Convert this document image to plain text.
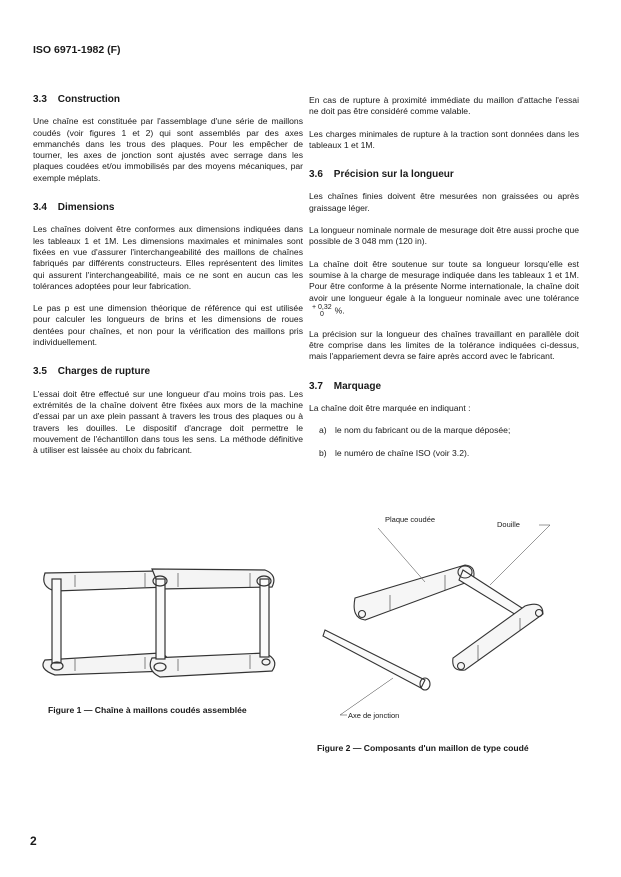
ISO 6971-1982 (F)
3.3 Construction

Une chaîne est constituée par l'assemblage d'une série de maillons coudés (voir figures 1 et 2) qui sont assemblés par des axes emmanchés dans les trous des plaques. Pour les empêcher de tourner, les axes de jonction sont ajustés avec serrage dans les plaques coudées et/ou immobilisés par des moyens mécaniques, par exemple méplats.

3.4 Dimensions

Les chaînes doivent être conformes aux dimensions indiquées dans les tableaux 1 et 1M. Les dimensions maximales et minimales sont fixées en vue d'assurer l'interchangeabilité des maillons de chaînes fabriqués par différents constructeurs. Elles représentent des limites qui assurent l'interchangeabilité, mais ce ne sont en aucun cas les tolérances adoptées pour leur fabrication.

Le pas p est une dimension théorique de référence qui est utilisée pour calculer les longueurs de brins et les dimensions de roues dentées pour chaînes, et non pour la vérification des maillons pris individuellement.

3.5 Charges de rupture

L'essai doit être effectué sur une longueur d'au moins trois pas. Les extrémités de la chaîne doivent être fixées aux mors de la machine d'essai par un axe plein passant à travers les trous des plaques ou à travers les douilles. Le dispositif d'ancrage doit permettre le mouvement de l'échantillon dans tous les sens. La méthode définitive à utiliser est laissée au choix du fabricant.

En cas de rupture à proximité immédiate du maillon d'attache l'essai ne doit pas être considéré comme valable.

Les charges minimales de rupture à la traction sont données dans les tableaux 1 et 1M.

3.6 Précision sur la longueur

Les chaînes finies doivent être mesurées non graissées ou après graissage léger.

La longueur nominale normale de mesurage doit être aussi proche que possible de 3 048 mm (120 in).

La chaîne doit être soutenue sur toute sa longueur lorsqu'elle est soumise à la charge de mesurage indiquée dans les tableaux 1 et 1M. Pour être conforme à la présente Norme internationale, la chaîne doit avoir une longueur égale à la longueur nominale avec une tolérance
+ 0,32
0	%.

La précision sur la longueur des chaînes travaillant en parallèle doit être comprise dans les limites de la tolérance indiquées ci-dessus, mais l'appariement devra se faire après accord avec le fabricant.

3.7 Marquage

La chaîne doit être marquée en indiquant :

a) le nom du fabricant ou de la marque déposée;
b) le numéro de chaîne ISO (voir 3.2).
Figure 1 — Chaîne à maillons coudés assemblée
Plaque coudée
Douille
Axe de jonction
Figure 2 — Composants d'un maillon de type coudé
2
